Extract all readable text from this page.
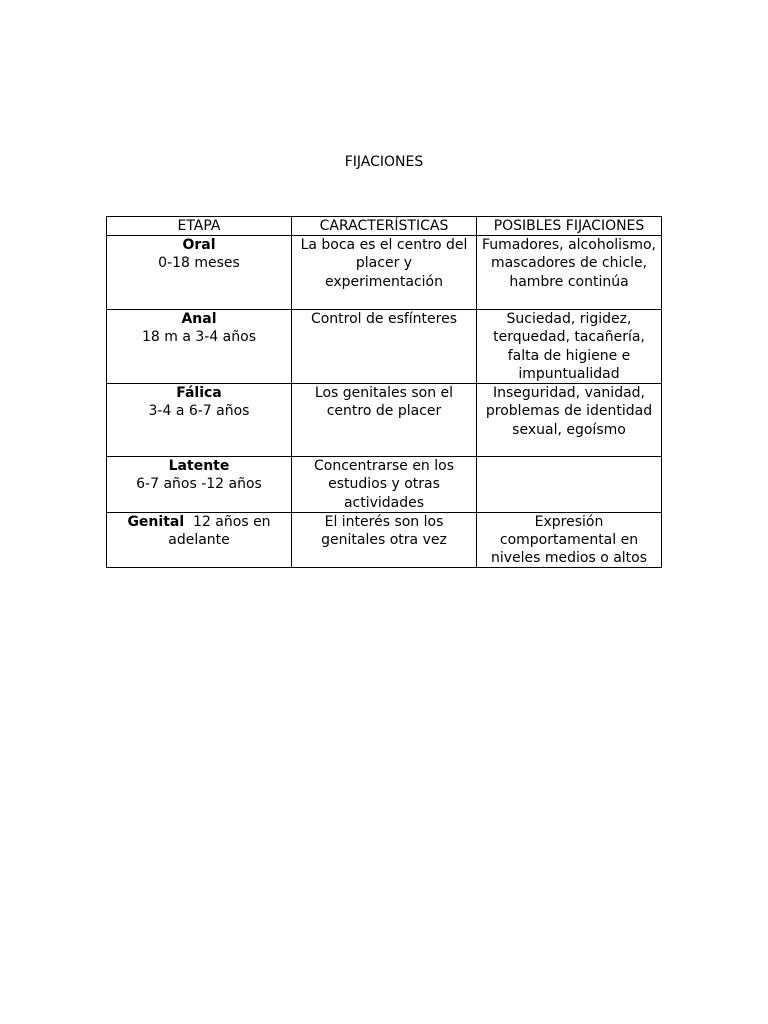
FIJACIONES
ETAPA	CARACTERÍSTICAS	POSIBLES FIJACIONES
Oral
0-18 meses	La boca es el centro del placer y experimentación	Fumadores, alcoholismo, mascadores de chicle, hambre continúa
Anal
18 m a 3-4 años	Control de esfínteres	Suciedad, rigidez, terquedad, tacañería, falta de higiene e impuntualidad
Fálica
3-4 a 6-7 años	Los genitales son el centro de placer	Inseguridad, vanidad, problemas de identidad sexual, egoísmo
Latente
6-7 años -12 años	Concentrarse en los estudios y otras actividades	
Genital 12 años en adelante	El interés son los genitales otra vez	Expresión comportamental en niveles medios o altos
